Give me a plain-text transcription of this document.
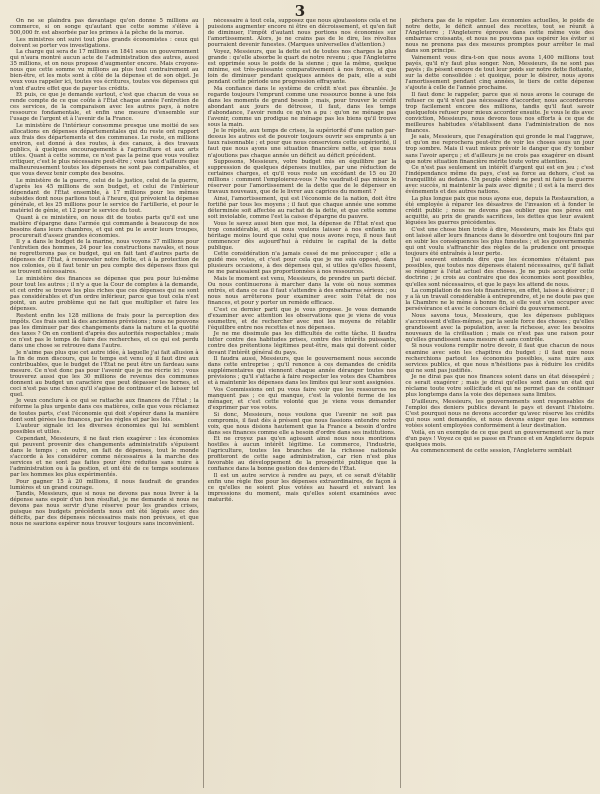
3

On ne se plaindra pas davantage qu'on donne 5 millions au commerce, si on songe qu'autant que cette somme s'élève à 500,000 fr. est absorbée par les primes à la pêche de la morue.

Les ministres ont suivi tout plus grands économistes : ceux qui doivent se porter vos investigations.

La charge qui sera de 17 millions en 1841 sous un gouvernement qui n'aura montré aucun acte de l'administration des autres, aussi 35 millions, et on nous propose d'augmenter encore. Mais croyons-nous que cette somme vu millions au plus tout contrairement au bien-être, et les mots sont à côté de la dépense et de son objet. Je veux vous rappeler ici, toutes vos écritures, toutes vos dépenses qui n'ont d'autre effet que de payer les crédits.

Et puis, ce que je demande surtout, c'est que chacun de vous se rende compte de ce que coûte à l'État chaque année l'entretien de ces services, de la comparaison avec les autres pays, à notre ressource fondamentale, et enfin une mesure d'ensemble sur l'usage de l'argent et à l'avenir de la France.

Le ministère de l'intérieur consomme presque une moitié de ses allocations en dépenses départementales qui du reste ont rapport aux frais des départements et des communes. Le reste, en millions environ, est donné à des routes, à des canaux, à des travaux publics, à quelques encouragements à l'agriculture et aux arts utiles. Quant à cette somme, ce n'est pas la peine que vous vouliez critiquer, c'est le plus nécessaire peut-être ; vous tant d'ailleurs que malheureusement toutes les dépenses ne sont pas comparables, et que vous devez tenir compte des besoins.

Le ministère de la guerre, celui de la justice, celui de la guerre, d'après les 45 millions de son budget, et celui de l'intérieur dépendant de l'État ensemble, à 17 millions pour les mêmes subsides dont nous parlions tout à l'heure, qui prévoient la dépense générale, et les 25 millions pour le service de l'artillerie, et pour le matériel de génie, et 12 pour le service du tout.

Quant à ce ministère, on nous dit de toutes parts qu'il est une matière d'épargne dans l'armée qui commande à beaucoup de nos besoins dans leurs chambres, et qui ont pu le avoir leurs troupes, procurerait d'assez grandes économies.

Il y a dans le budget de la marine, nous voyons 37 millions pour l'entretien des hommes, 24 pour les constructions navales, et nous ne regretterons pas ce budget, qui en fait tant d'autres parts de dépenses de l'État, à renouveler notre flotte, et à la protection de nos colonies, où il faut tenir un peu compte des dépenses fixes qui se trouvent nécessaires.

Le ministère des finances se dépense que peu pour lui-même pour tout les autres ; il n'y a que la Cour de comptes à la demande, et cet ordre se trouve les plus riches que ces dépenses qui ne sont pas considérables et d'un ordre inférieur, parce que tout cela n'est point, un autre problème qui ne fait que multiplier et faire les dépenses.

Restent enfin les 128 millions de frais pour la perception des impôts. Ces frais sont là des anciennes prévisions ; nous ne pouvons pas les diminuer par des changements dans la nature et la quotité des taxes ? On en contient d'après des autorités respectables ; mais ce n'est pas le temps de faire des recherches, et ce qui est perdu dans une chose se retrouve dans l'autre.

Je n'aime pas plus que cet autre idée, à laquelle j'ai fait allusion à la fin de mon discours, que le temps est venu où il faut dire aux contribuables, que le budget de l'État ne peut être un fardeau sans mesure. Ce n'est donc pas pour l'avenir que je me récrie ici ; vous trouverez aussi que les 30 millions de revenus des communes donnent au budget un caractère que peut dépasser les bornes, et ceci n'est pas une chose qu'il s'agisse de continuer et de laisser tel quel.

Je veux conclure à ce qui se rattache aux finances de l'État ; la réforme la plus urgente dans ces matières, celle que vous réclamez de toutes parts, c'est l'économie qui doit s'opérer dans la manière dont sont gérées les finances, par les règles et par les lois.

L'auteur signale ici les diverses économies qui lui semblent possibles et utiles.

Cependant, Messieurs, il ne faut rien exagérer : les économies qui peuvent provenir des changements administratifs s'épuisent dans le temps ; en outre, en fait de dépenses, tout le monde s'accorde à les considérer comme nécessaires à la marche des services et ne sont pas faites pour être réduites sans nuire à l'administration ou à la gestion, et ont été de ce temps soutenues par les hommes les plus expérimentés.

Pour gagner 15 à 20 millions, il nous faudrait de grandes lumières et un grand courage.

Tandis, Messieurs, que si nous ne devons pas nous livrer à la dépense sans espoir d'un bon résultat, je me demande si nous ne devons pas nous servir d'une réserve pour les grandes crises, puisque nos budgets précédents nous ont été légués avec des déficits, par des dépenses nécessaires mais non prévues, et que nous ne saurions espérer nous trouver toujours sans inconvénient.

nécessaire à tout cela, supposez que nous ajoutassions cela et ne puissions augmenter encore ni être en décroissement, et qu'en fait de diminuer, l'impôt d'autant nous portions nos économies sur l'amortissement. Alors, je ne crains pas de le dire, les révoltes pourraient devenir funestes. (Marques universelles d'attention.)

Voyez, Messieurs, que la dette est de toutes nos charges la plus grande : qu'elle absorbe le quart de notre revenu ; que l'Angleterre est opprimée sous le poids de la sienne ; que la même, quelque minime, est très-puissante comparativement à nos forces, et que loin de diminuer pendant quelques années de paix, elle a subi pendant cette période une progression effrayante.

Ma confiance dans le système de crédit n'est pas ébranlée. Je regarde toujours l'emprunt comme une ressource bonne à une fois dans les moments de grand besoin ; mais, pour trouver le crédit abondant aux jours de détresse, il faut, dans les temps d'abondance, l'avoir rendu ce qu'on a pu : qu'on ne ménage pas l'avenir, comme un prodigue ne ménage pas les biens qu'il trouve sous la main.

Je le répète, aux temps de crises, la supériorité d'une nation par-dessus les autres est de pouvoir toujours ouvrir ses emprunts à un taux raisonnable ; et pour que nous conservions cette supériorité, il faut que nous ayons une situation financière nette, et que nous n'ajoutions pas chaque année un déficit au déficit précédent.

Supposons, Messieurs, votre budget mis en équilibre par la suppression de quelques dépenses inutiles, par une réduction de certaines charges, et qu'il vous reste un excédant de 15 ou 20 millions : comment l'emploierez-vous ? Ne vaudrait-il pas mieux le réserver pour l'amortissement de la dette que de le dépenser en travaux nouveaux, que de le livrer aux caprices du moment ?

Ainsi, l'amortissement, qui est l'économie de la nation, doit être fortifié par tous les moyens ; il faut que chaque année une somme déterminée soit affectée au rachat de la dette, et que cette somme soit inviolable, comme l'est la caisse d'épargne du pauvre.

Vous le savez aussi bien que moi, la dépense de l'État n'est que trop considérable, et si nous voulons laisser à nos enfants un héritage moins lourd que celui que nous avons reçu, il nous faut commencer dès aujourd'hui à réduire le capital de la dette publique.

Cette considération n'a jamais cessé de me préoccuper ; elle a guidé mes votes, et c'est pour cela que je me suis opposé, dans plusieurs occasions, à des dépenses qui, si utiles qu'elles fussent, ne me paraissaient pas proportionnées à nos ressources.

Mais le moment est venu, Messieurs, de prendre un parti décisif. Ou nous continuerons à marcher dans la voie où nous sommes entrés, et dans ce cas il faut s'attendre à des embarras sérieux ; ou nous nous arrêterons pour examiner avec soin l'état de nos finances, et pour y porter un remède efficace.

C'est ce dernier parti que je vous propose. Je vous demande d'examiner avec attention les observations que je viens de vous soumettre, et de rechercher avec moi les moyens de rétablir l'équilibre entre nos recettes et nos dépenses.

Je ne me dissimule pas les difficultés de cette tâche. Il faudra lutter contre des habitudes prises, contre des intérêts puissants, contre des prétentions légitimes peut-être, mais qui doivent céder devant l'intérêt général du pays.

Il faudra aussi, Messieurs, que le gouvernement nous seconde dans cette entreprise ; qu'il renonce à ces demandes de crédits supplémentaires qui viennent chaque année déranger toutes nos prévisions ; qu'il s'attache à faire respecter les votes des Chambres et à maintenir les dépenses dans les limites qui leur sont assignées.

Vos Commissions ont pu vous faire voir que les ressources ne manquent pas ; ce qui manque, c'est la volonté ferme de les ménager, et c'est cette volonté que je viens vous demander d'exprimer par vos votes.

Si donc, Messieurs, nous voulons que l'avenir ne soit pas compromis, il faut dès à présent que nous fassions entendre notre voix, que nous disions hautement que la France a besoin d'ordre dans ses finances comme elle a besoin d'ordre dans ses institutions.

Et ne croyez pas qu'en agissant ainsi nous nous montrions hostiles à aucun intérêt légitime. Le commerce, l'industrie, l'agriculture, toutes les branches de la richesse nationale profiteront de cette sage administration, car rien n'est plus favorable au développement de la prospérité publique que la confiance dans la bonne gestion des deniers de l'État.

Il est un autre service à rendre au pays, et ce serait d'établir enfin une règle fixe pour les dépenses extraordinaires, de façon à ce qu'elles ne soient plus votées au hasard et suivant les impressions du moment, mais qu'elles soient examinées avec maturité.

pêchera pas de le répéter. Les économies actuelles, le poids de notre dette, le déficit annuel des recettes, tout se réunit à l'Angleterre ; l'Angleterre éprouve dans cette même voie des embarras croissants, et nous ne pouvons pas espérer les éviter si nous ne prenons pas des mesures promptes pour arrêter le mal dans son principe.

Vainement vous dira-t-on que nous avons 1,400 millions tout payés, qu'il n'y faut plus songer. Non, Messieurs, ils ne sont pas payés ; ils pèsent encore de tout leur poids sur notre dette flottante, sur la dette consolidée : et quoique, pour le désirer, nous ayons l'amortissement pendant cinq années, le tiers de cette dépense s'ajoute à celle de l'année prochaine.

Il faut donc le rappeler, parce que si nous avons le courage de refuser ce qu'il n'est pas nécessaire d'accorder, nous accorderons trop facilement encore des millions, tandis qu'il faut savoir quelquefois refuser pour mieux accorder ensuite. Je vous le dis avec conviction, Messieurs, nous devons tous nos efforts à ce que de meilleures habitudes s'établissent dans l'administration de nos finances.

Je sais, Messieurs, que l'exagération qui gronde le mal l'aggrave, et qu'on me reprochera peut-être de voir les choses sous un jour trop sombre. Mais il vaut mieux prévoir le danger que d'y tomber sans l'avoir aperçu ; et d'ailleurs je ne crois pas exagérer en disant que notre situation financière mérite toute votre attention.

Ce n'est pas seulement un intérêt d'argent qui est en jeu ; c'est l'indépendance même du pays, c'est sa force au dehors, c'est sa tranquillité au dedans. Un peuple obéré ne peut ni faire la guerre avec succès, ni maintenir la paix avec dignité ; il est à la merci des événements et des autres nations.

La plus longue paix que nous ayons eue, depuis la Restauration, a été employée à réparer les désastres de l'invasion et à fonder le crédit public ; nous ne devons pas oublier que nos pères ont acquitté, au prix de grands sacrifices, les dettes que leur avaient léguées les guerres précédentes.

C'est une chose bien triste à dire, Messieurs, mais les États qui ont laissé aller leurs finances dans le désordre ont toujours fini par en subir les conséquences les plus funestes ; et les gouvernements qui ont voulu s'affranchir des règles de la prudence ont presque toujours été entraînés à leur perte.

J'ai souvent entendu dire que les économies n'étaient pas possibles, que toutes nos dépenses étaient nécessaires, qu'il fallait se résigner à l'état actuel des choses. Je ne puis accepter cette doctrine ; je crois au contraire que des économies sont possibles, qu'elles sont nécessaires, et que le pays les attend de nous.

La compilation de nos lois financières, en effet, laisse à désirer ; il y a là un travail considérable à entreprendre, et je ne doute pas que la Chambre ne le mène à bonne fin, si elle veut s'en occuper avec persévérance et avec le concours éclairé du gouvernement.

Nous savons tous, Messieurs, que les dépenses publiques s'accroissent d'elles-mêmes, par la seule force des choses ; qu'elles grandissent avec la population, avec la richesse, avec les besoins nouveaux de la civilisation ; mais ce n'est pas une raison pour qu'elles grandissent sans mesure et sans contrôle.

Si nous voulons remplir notre devoir, il faut que chacun de nous examine avec soin les chapitres du budget ; il faut que nous recherchions partout les économies possibles, sans nuire aux services publics, et que nous n'hésitions pas à réduire les crédits qui ne sont pas justifiés.

Je ne dirai pas que nos finances soient dans un état désespéré ; ce serait exagérer ; mais je dirai qu'elles sont dans un état qui réclame toute votre sollicitude et qui ne permet pas de continuer plus longtemps dans la voie des dépenses sans limites.

D'ailleurs, Messieurs, les gouvernements sont responsables de l'emploi des deniers publics devant le pays et devant l'histoire. C'est pourquoi nous ne devons accorder qu'avec réserve les crédits qui nous sont demandés, et nous devons exiger que les sommes votées soient employées conformément à leur destination.

Voilà, en un exemple de ce que peut un gouvernement sur la mer d'un pays ! Voyez ce qui se passe en France et en Angleterre depuis quelques mois.

Au commencement de cette session, l'Angleterre semblait
